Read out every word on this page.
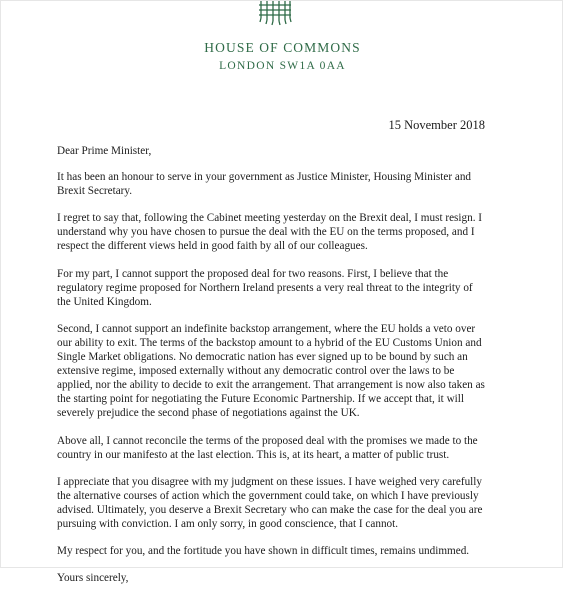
HOUSE OF COMMONS
LONDON SW1A 0AA
15 November 2018

Dear Prime Minister,

It has been an honour to serve in your government as Justice Minister, Housing Minister and Brexit Secretary.

I regret to say that, following the Cabinet meeting yesterday on the Brexit deal, I must resign. I understand why you have chosen to pursue the deal with the EU on the terms proposed, and I respect the different views held in good faith by all of our colleagues.

For my part, I cannot support the proposed deal for two reasons. First, I believe that the regulatory regime proposed for Northern Ireland presents a very real threat to the integrity of the United Kingdom.

Second, I cannot support an indefinite backstop arrangement, where the EU holds a veto over our ability to exit. The terms of the backstop amount to a hybrid of the EU Customs Union and Single Market obligations. No democratic nation has ever signed up to be bound by such an extensive regime, imposed externally without any democratic control over the laws to be applied, nor the ability to decide to exit the arrangement. That arrangement is now also taken as the starting point for negotiating the Future Economic Partnership. If we accept that, it will severely prejudice the second phase of negotiations against the UK.

Above all, I cannot reconcile the terms of the proposed deal with the promises we made to the country in our manifesto at the last election. This is, at its heart, a matter of public trust.

I appreciate that you disagree with my judgment on these issues. I have weighed very carefully the alternative courses of action which the government could take, on which I have previously advised. Ultimately, you deserve a Brexit Secretary who can make the case for the deal you are pursuing with conviction. I am only sorry, in good conscience, that I cannot.

My respect for you, and the fortitude you have shown in difficult times, remains undimmed.

Yours sincerely,
